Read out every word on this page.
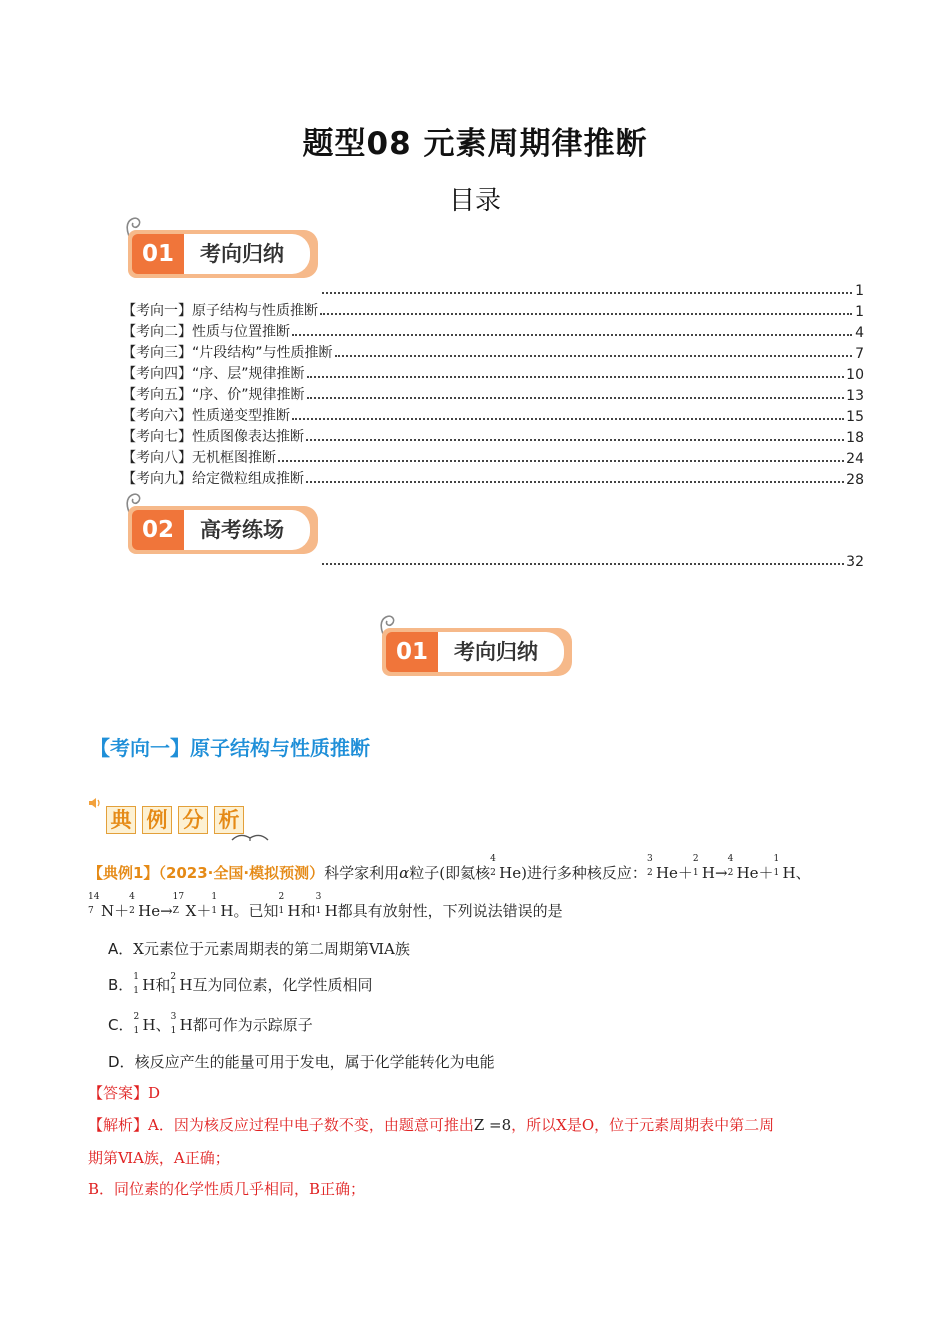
题型08 元素周期律推断
目录
01	考向归纳
1
【考向一】原子结构与性质推断	1
【考向二】性质与位置推断	4
【考向三】“片段结构”与性质推断	7
【考向四】“序、层”规律推断	10
【考向五】“序、价”规律推断	13
【考向六】性质递变型推断	15
【考向七】性质图像表达推断	18
【考向八】无机框图推断	24
【考向九】给定微粒组成推断	28
02	高考练场
32
01	考向归纳
【考向一】原子结构与性质推断
典 例 分 析
【典例1】（2023·全国·模拟预测）科学家利用α粒子(即氦核
4
2 He)进行多种核反应：
3
2 He＋
2
1 H→
4
2 He＋
1
1 H、
14
7 N＋
4
2 He→
17
Z X＋
1
1 H。已知
2
1 H和
3
1 H都具有放射性，下列说法错误的是
A．X元素位于元素周期表的第二周期第ⅥA族
B． 1
1 H和 2
1 H互为同位素，化学性质相同
C． 2
1 H、 3
1 H都可作为示踪原子
D．核反应产生的能量可用于发电，属于化学能转化为电能
【答案】D
【解析】A．因为核反应过程中电子数不变，由题意可推出Z =8，所以X是O，位于元素周期表中第二周
期第ⅥA族，A正确；
B．同位素的化学性质几乎相同，B正确；
